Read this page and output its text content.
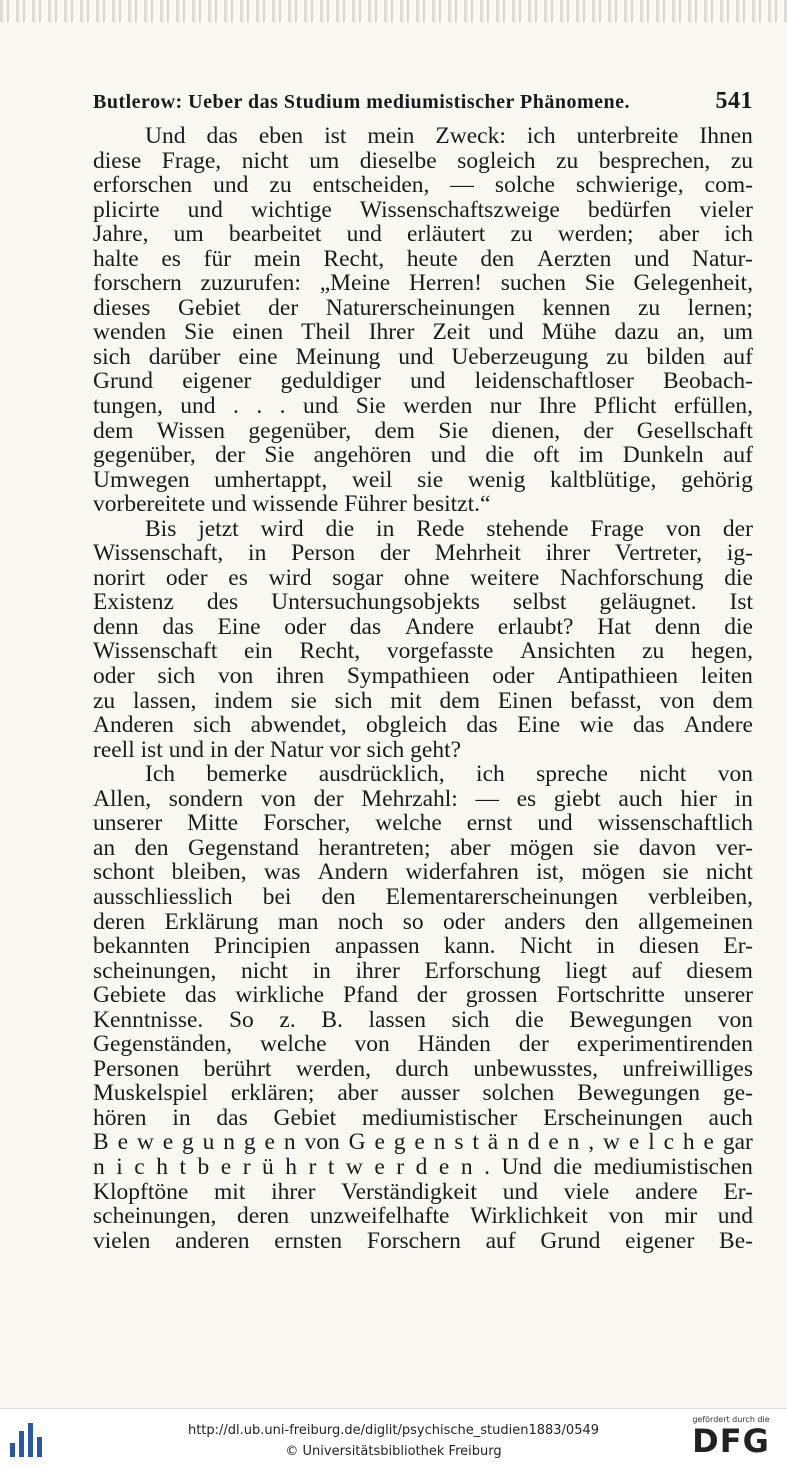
Butlerow: Ueber das Studium mediumistischer Phänomene.	541
Und das eben ist mein Zweck: ich unterbreite Ihnen
diese Frage, nicht um dieselbe sogleich zu besprechen, zu
erforschen und zu entscheiden, — solche schwierige, com-
plicirte und wichtige Wissenschaftszweige bedürfen vieler
Jahre, um bearbeitet und erläutert zu werden; aber ich
halte es für mein Recht, heute den Aerzten und Natur-
forschern zuzurufen: „Meine Herren! suchen Sie Gelegenheit,
dieses Gebiet der Naturerscheinungen kennen zu lernen;
wenden Sie einen Theil Ihrer Zeit und Mühe dazu an, um
sich darüber eine Meinung und Ueberzeugung zu bilden auf
Grund eigener geduldiger und leidenschaftloser Beobach-
tungen, und . . . und Sie werden nur Ihre Pflicht erfüllen,
dem Wissen gegenüber, dem Sie dienen, der Gesellschaft
gegenüber, der Sie angehören und die oft im Dunkeln auf
Umwegen umhertappt, weil sie wenig kaltblütige, gehörig
vorbereitete und wissende Führer besitzt.“
Bis jetzt wird die in Rede stehende Frage von der
Wissenschaft, in Person der Mehrheit ihrer Vertreter, ig-
norirt oder es wird sogar ohne weitere Nachforschung die
Existenz des Untersuchungsobjekts selbst geläugnet. Ist
denn das Eine oder das Andere erlaubt? Hat denn die
Wissenschaft ein Recht, vorgefasste Ansichten zu hegen,
oder sich von ihren Sympathieen oder Antipathieen leiten
zu lassen, indem sie sich mit dem Einen befasst, von dem
Anderen sich abwendet, obgleich das Eine wie das Andere
reell ist und in der Natur vor sich geht?
Ich bemerke ausdrücklich, ich spreche nicht von
Allen, sondern von der Mehrzahl: — es giebt auch hier in
unserer Mitte Forscher, welche ernst und wissenschaftlich
an den Gegenstand herantreten; aber mögen sie davon ver-
schont bleiben, was Andern widerfahren ist, mögen sie nicht
ausschliesslich bei den Elementarerscheinungen verbleiben,
deren Erklärung man noch so oder anders den allgemeinen
bekannten Principien anpassen kann. Nicht in diesen Er-
scheinungen, nicht in ihrer Erforschung liegt auf diesem
Gebiete das wirkliche Pfand der grossen Fortschritte unserer
Kenntnisse. So z. B. lassen sich die Bewegungen von
Gegenständen, welche von Händen der experimentirenden
Personen berührt werden, durch unbewusstes, unfreiwilliges
Muskelspiel erklären; aber ausser solchen Bewegungen ge-
hören in das Gebiet mediumistischer Erscheinungen auch
B e w e g u n g e n von G e g e n s t ä n d e n , w e l c h e gar
n i c h t b e r ü h r t w e r d e n . Und die mediumistischen
Klopftöne mit ihrer Verständigkeit und viele andere Er-
scheinungen, deren unzweifelhafte Wirklichkeit von mir und
vielen anderen ernsten Forschern auf Grund eigener Be-
http://dl.ub.uni-freiburg.de/diglit/psychische_studien1883/0549
© Universitätsbibliothek Freiburg
gefördert durch die
DFG
